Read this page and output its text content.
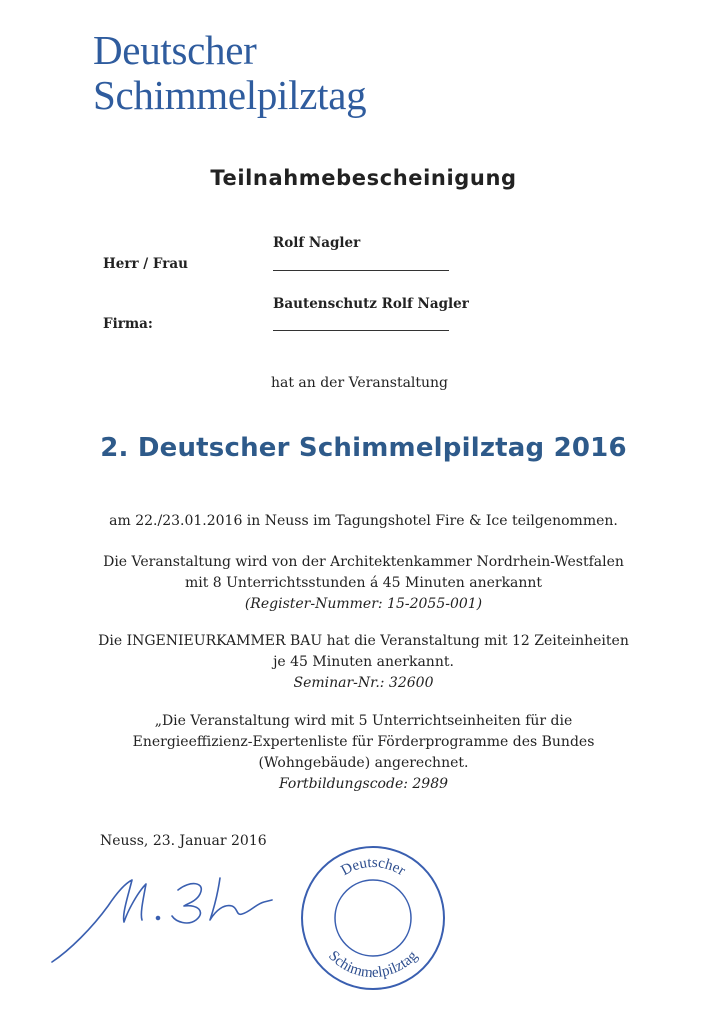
Deutscher
Schimmelpilztag
Teilnahmebescheinigung
Rolf Nagler
Herr / Frau
Bautenschutz Rolf Nagler
Firma:
hat an der Veranstaltung
2. Deutscher Schimmelpilztag 2016
am 22./23.01.2016 in Neuss im Tagungshotel Fire & Ice teilgenommen.
Die Veranstaltung wird von der Architektenkammer Nordrhein-Westfalen
mit 8 Unterrichtsstunden á 45 Minuten anerkannt
(Register-Nummer: 15-2055-001)
Die INGENIEURKAMMER BAU hat die Veranstaltung mit 12 Zeiteinheiten
je 45 Minuten anerkannt.
Seminar-Nr.: 32600
„Die Veranstaltung wird mit 5 Unterrichtseinheiten für die
Energieeffizienz-Expertenliste für Förderprogramme des Bundes
(Wohngebäude) angerechnet.
Fortbildungscode: 2989
Neuss, 23. Januar 2016
Deutscher
Schimmelpilztag
